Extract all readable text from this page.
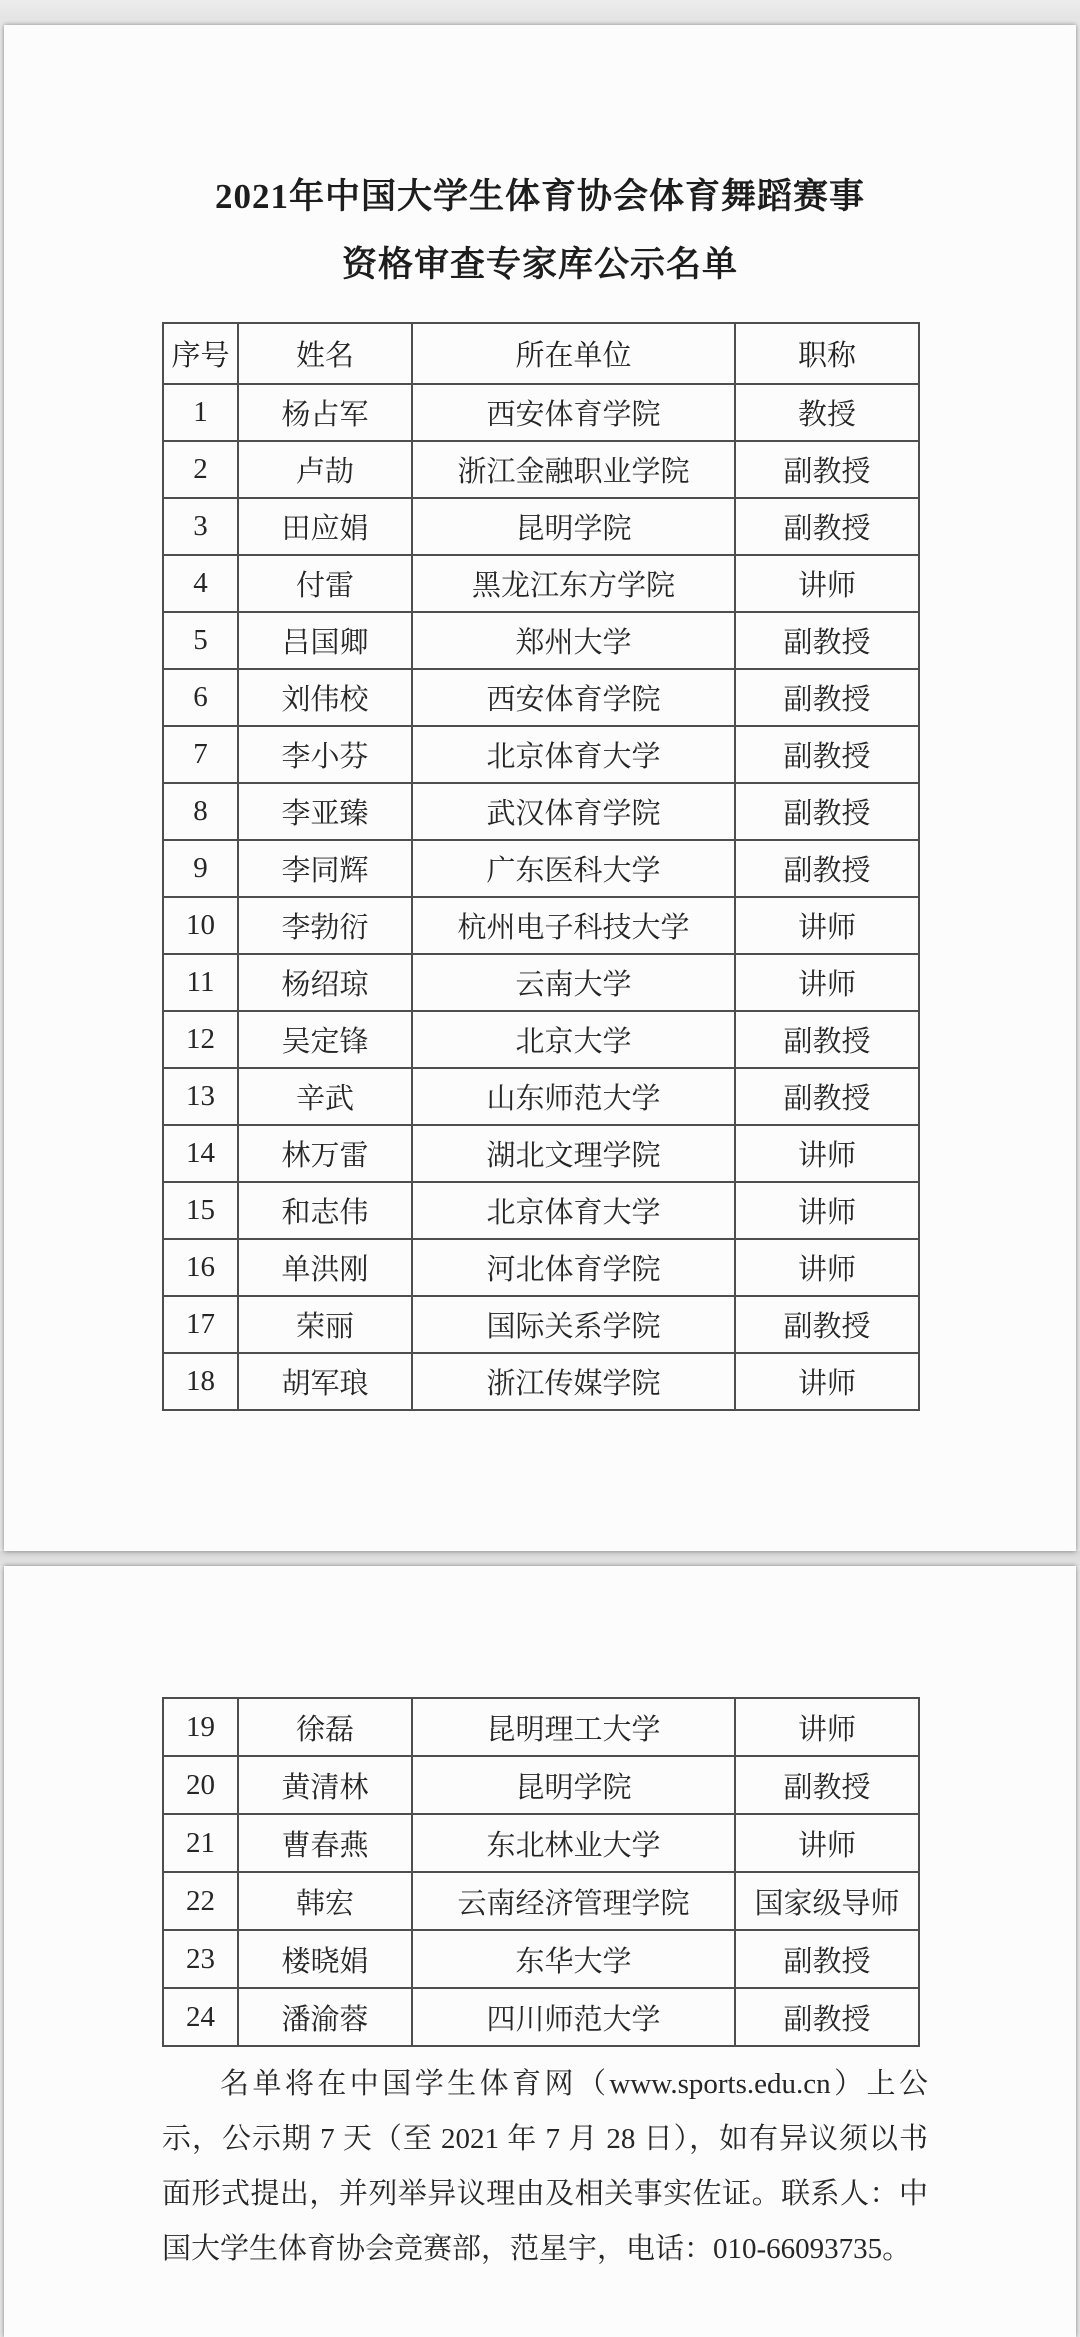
2021年中国大学生体育协会体育舞蹈赛事
资格审查专家库公示名单
序号	姓名	所在单位	职称
1	杨占军	西安体育学院	教授
2	卢劼	浙江金融职业学院	副教授
3	田应娟	昆明学院	副教授
4	付雷	黑龙江东方学院	讲师
5	吕国卿	郑州大学	副教授
6	刘伟校	西安体育学院	副教授
7	李小芬	北京体育大学	副教授
8	李亚臻	武汉体育学院	副教授
9	李同辉	广东医科大学	副教授
10	李勃衍	杭州电子科技大学	讲师
11	杨绍琼	云南大学	讲师
12	吴定锋	北京大学	副教授
13	辛武	山东师范大学	副教授
14	林万雷	湖北文理学院	讲师
15	和志伟	北京体育大学	讲师
16	单洪刚	河北体育学院	讲师
17	荣丽	国际关系学院	副教授
18	胡军琅	浙江传媒学院	讲师
19	徐磊	昆明理工大学	讲师
20	黄清林	昆明学院	副教授
21	曹春燕	东北林业大学	讲师
22	韩宏	云南经济管理学院	国家级导师
23	楼晓娟	东华大学	副教授
24	潘渝蓉	四川师范大学	副教授

名单将在中国学生体育网（www.sports.edu.cn）上公示，公示期 7 天（至 2021 年 7 月 28 日），如有异议须以书面形式提出，并列举异议理由及相关事实佐证。联系人：中国大学生体育协会竞赛部，范星宇，电话：010-66093735。
